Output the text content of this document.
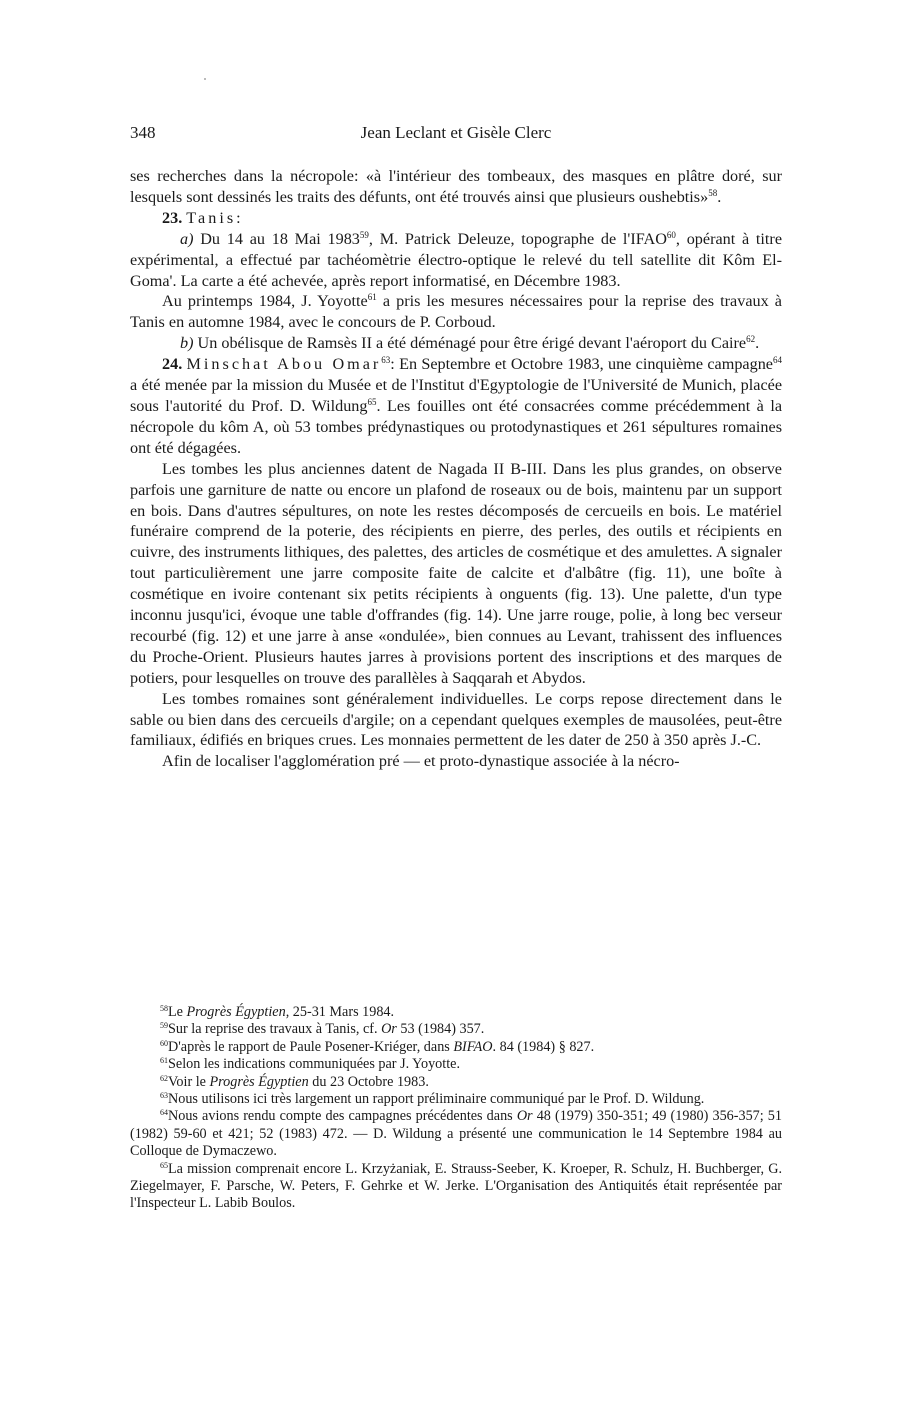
348	Jean Leclant et Gisèle Clerc

ses recherches dans la nécropole: «à l'intérieur des tombeaux, des masques en plâtre doré, sur lesquels sont dessinés les traits des défunts, ont été trouvés ainsi que plusieurs oushebtis»$^{58}$.

23. Tanis:

a) Du 14 au 18 Mai 1983$^{59}$, M. Patrick Deleuze, topographe de l'IFAO$^{60}$, opérant à titre expérimental, a effectué par tachéomètrie électro-optique le relevé du tell satellite dit Kôm El-Goma'. La carte a été achevée, après report informatisé, en Décembre 1983.

Au printemps 1984, J. Yoyotte$^{61}$ a pris les mesures nécessaires pour la reprise des travaux à Tanis en automne 1984, avec le concours de P. Corboud.

b) Un obélisque de Ramsès II a été déménagé pour être érigé devant l'aéroport du Caire$^{62}$.

24. Minschat Abou Omar$^{63}$: En Septembre et Octobre 1983, une cinquième campagne$^{64}$ a été menée par la mission du Musée et de l'Institut d'Egyptologie de l'Université de Munich, placée sous l'autorité du Prof. D. Wildung$^{65}$. Les fouilles ont été consacrées comme précédemment à la nécropole du kôm A, où 53 tombes prédynastiques ou protodynastiques et 261 sépultures romaines ont été dégagées.

Les tombes les plus anciennes datent de Nagada II B-III. Dans les plus grandes, on observe parfois une garniture de natte ou encore un plafond de roseaux ou de bois, maintenu par un support en bois. Dans d'autres sépultures, on note les restes décomposés de cercueils en bois. Le matériel funéraire comprend de la poterie, des récipients en pierre, des perles, des outils et récipients en cuivre, des instruments lithiques, des palettes, des articles de cosmétique et des amulettes. A signaler tout particulièrement une jarre composite faite de calcite et d'albâtre (fig. 11), une boîte à cosmétique en ivoire contenant six petits récipients à onguents (fig. 13). Une palette, d'un type inconnu jusqu'ici, évoque une table d'offrandes (fig. 14). Une jarre rouge, polie, à long bec verseur recourbé (fig. 12) et une jarre à anse «ondulée», bien connues au Levant, trahissent des influences du Proche-Orient. Plusieurs hautes jarres à provisions portent des inscriptions et des marques de potiers, pour lesquelles on trouve des parallèles à Saqqarah et Abydos.

Les tombes romaines sont généralement individuelles. Le corps repose directement dans le sable ou bien dans des cercueils d'argile; on a cependant quelques exemples de mausolées, peut-être familiaux, édifiés en briques crues. Les monnaies permettent de les dater de 250 à 350 après J.-C.

Afin de localiser l'agglomération pré — et proto-dynastique associée à la nécro-

$^{58}$Le Progrès Égyptien, 25-31 Mars 1984.

$^{59}$Sur la reprise des travaux à Tanis, cf. Or 53 (1984) 357.

$^{60}$D'après le rapport de Paule Posener-Kriéger, dans BIFAO. 84 (1984) § 827.

$^{61}$Selon les indications communiquées par J. Yoyotte.

$^{62}$Voir le Progrès Égyptien du 23 Octobre 1983.

$^{63}$Nous utilisons ici très largement un rapport préliminaire communiqué par le Prof. D. Wildung.

$^{64}$Nous avions rendu compte des campagnes précédentes dans Or 48 (1979) 350-351; 49 (1980) 356-357; 51 (1982) 59-60 et 421; 52 (1983) 472. — D. Wildung a présenté une communication le 14 Septembre 1984 au Colloque de Dymaczewo.

$^{65}$La mission comprenait encore L. Krzyżaniak, E. Strauss-Seeber, K. Kroeper, R. Schulz, H. Buchberger, G. Ziegelmayer, F. Parsche, W. Peters, F. Gehrke et W. Jerke. L'Organisation des Antiquités était représentée par l'Inspecteur L. Labib Boulos.
